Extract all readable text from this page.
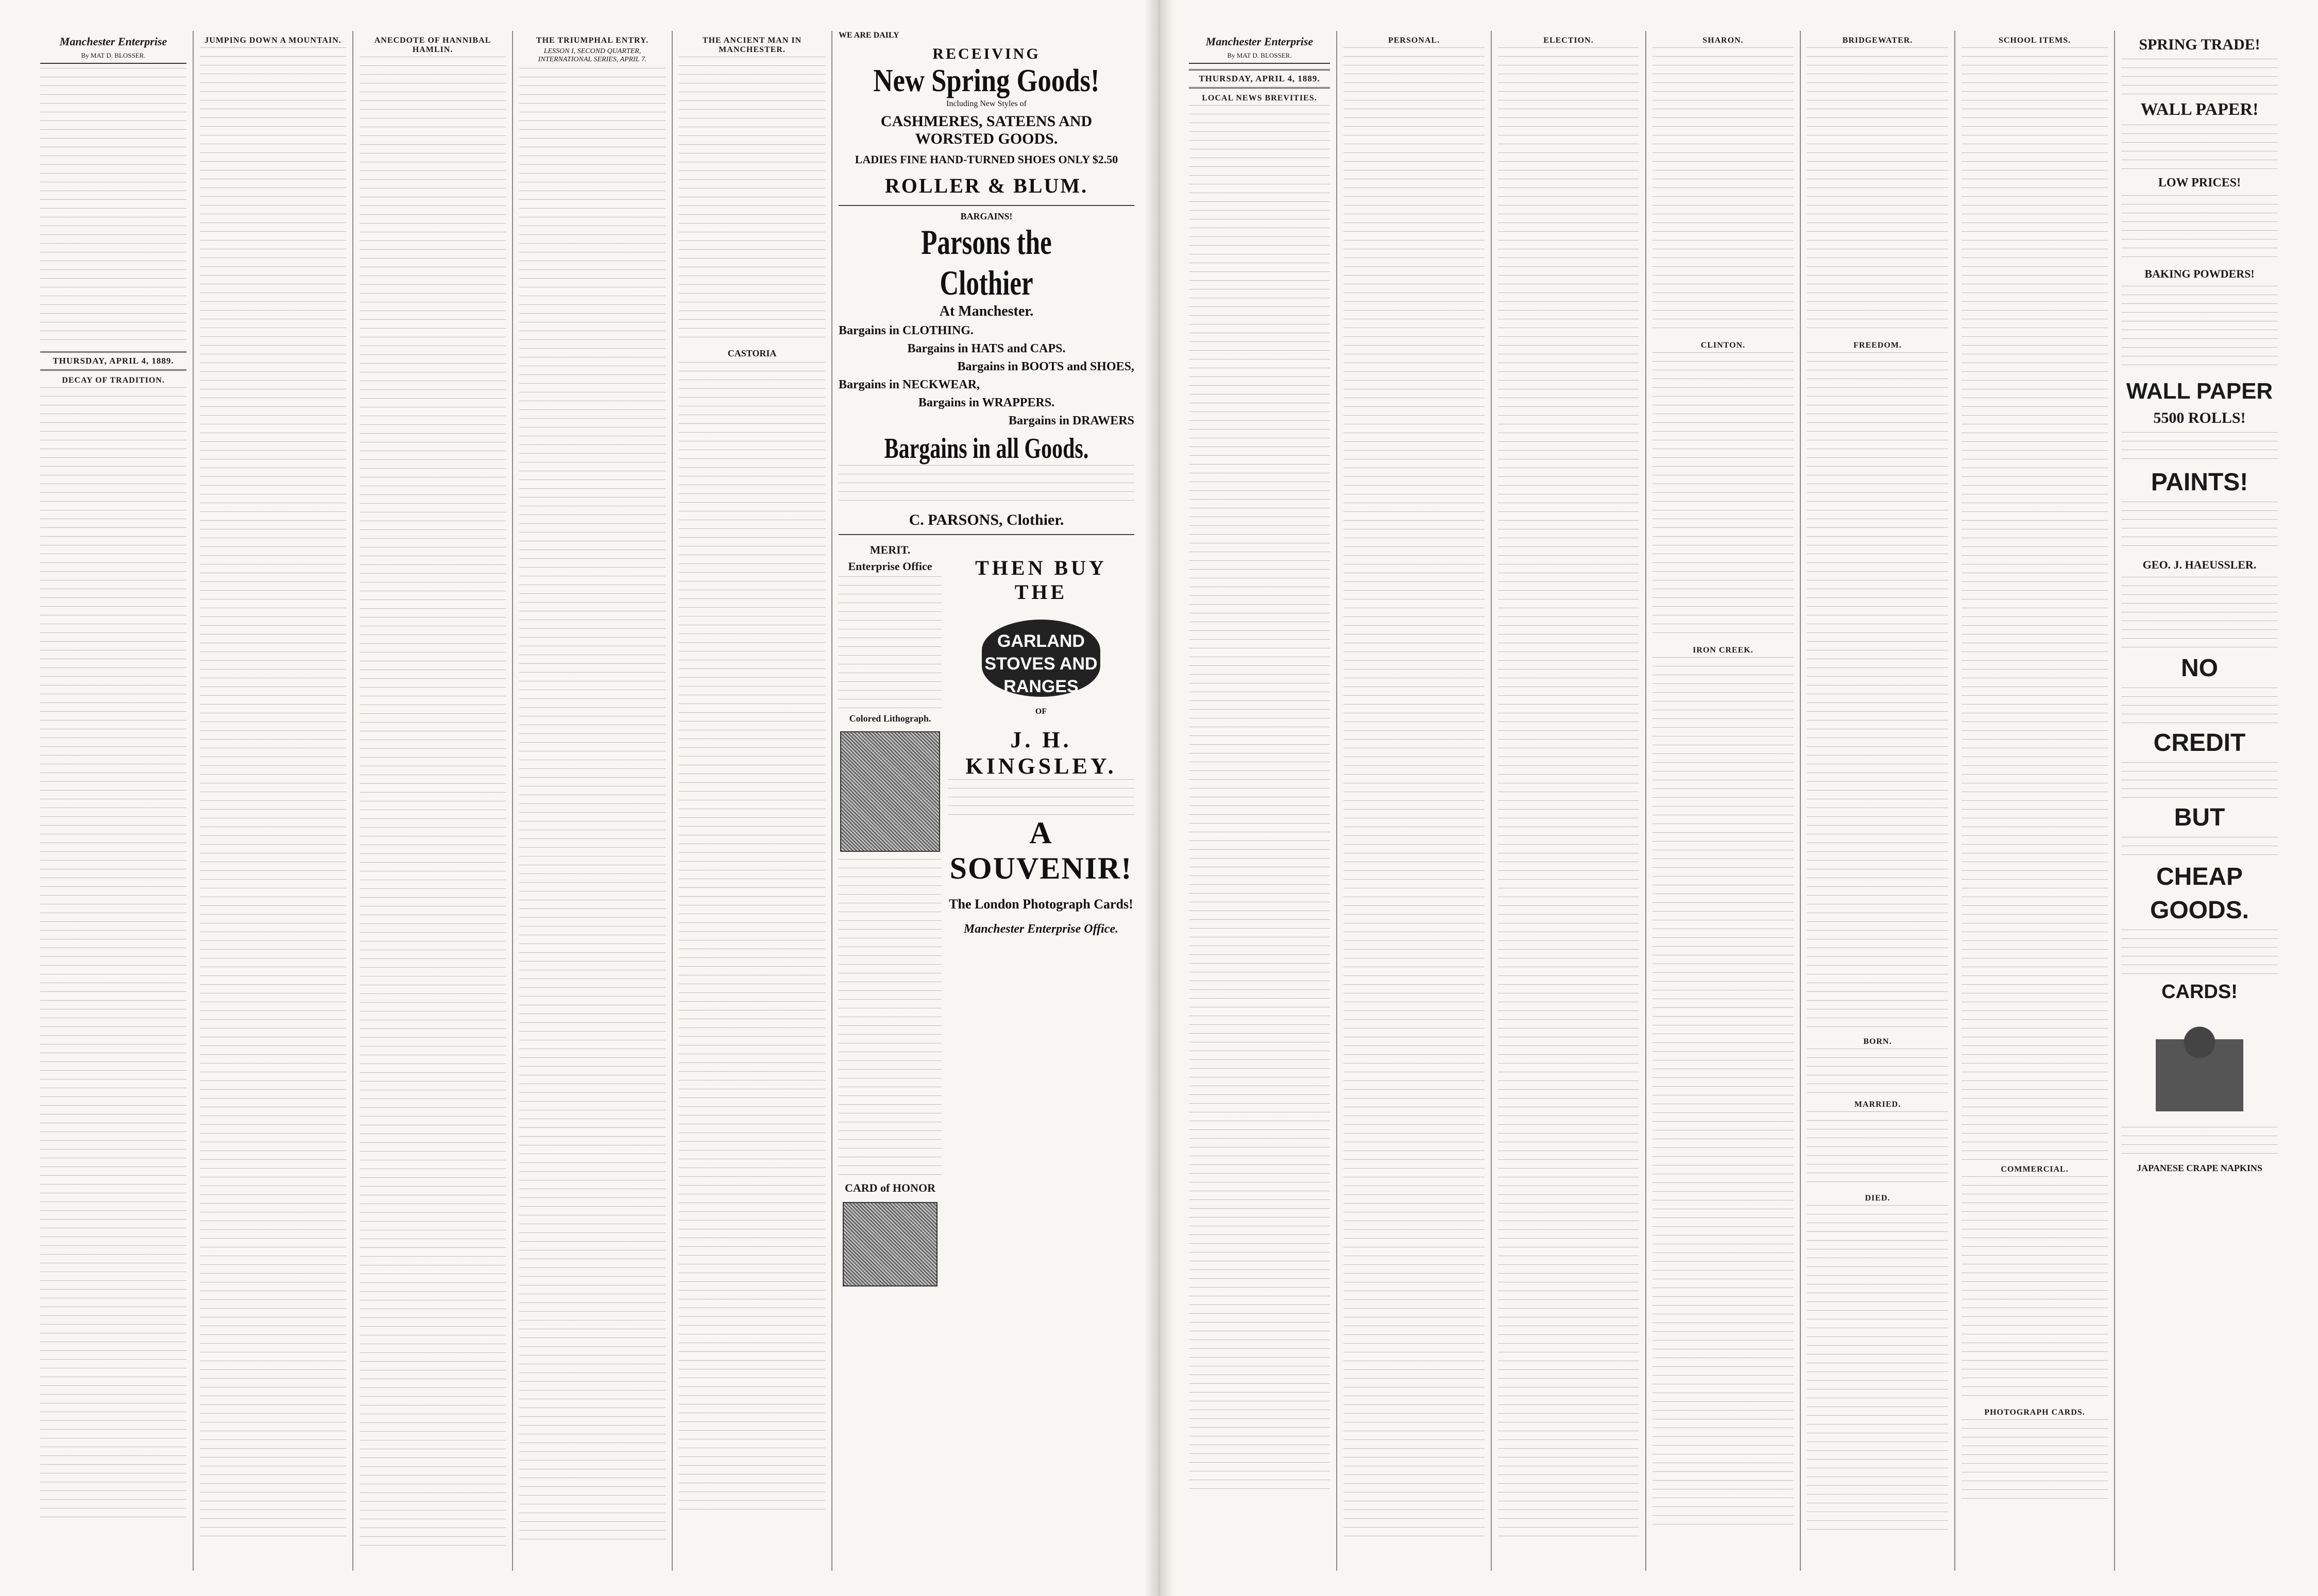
Manchester Enterprise
By MAT D. BLOSSER.
THURSDAY, APRIL 4, 1889.
DECAY OF TRADITION.
JUMPING DOWN A MOUNTAIN.	ANECDOTE OF HANNIBAL HAMLIN.
THE TRIUMPHAL ENTRY.
LESSON I, SECOND QUARTER, INTERNATIONAL SERIES, APRIL 7.
THE ANCIENT MAN IN MANCHESTER.
CASTORIA
WE ARE DAILY
RECEIVING
New Spring Goods!
Including New Styles of
CASHMERES, SATEENS AND WORSTED GOODS.
LADIES FINE HAND-TURNED SHOES ONLY $2.50
ROLLER & BLUM.
BARGAINS!
Parsons the Clothier
At Manchester.
Bargains in CLOTHING.
Bargains in HATS and CAPS.
Bargains in BOOTS and SHOES,
Bargains in NECKWEAR,
Bargains in WRAPPERS.
Bargains in DRAWERS
Bargains in all Goods.
C. PARSONS, Clothier.
MERIT.
Enterprise Office
Colored Lithograph.
CARD of HONOR
THEN BUY THE
GARLAND STOVES AND RANGES
OF
J. H. KINGSLEY.
A SOUVENIR!
The London Photograph Cards!
Manchester Enterprise Office.
Manchester Enterprise
By MAT D. BLOSSER.
THURSDAY, APRIL 4, 1889.
LOCAL NEWS BREVITIES.
PERSONAL.	ELECTION.	SHARON.
CLINTON.
IRON CREEK.
BRIDGEWATER.
FREEDOM.
BORN.
MARRIED.
DIED.
SCHOOL ITEMS.
COMMERCIAL.
PHOTOGRAPH CARDS.
SPRING TRADE!
WALL PAPER!
LOW PRICES!
BAKING POWDERS!
WALL PAPER
5500 ROLLS!
PAINTS!
GEO. J. HAEUSSLER.
NO
CREDIT
BUT
CHEAP
GOODS.
CARDS!
JAPANESE CRAPE NAPKINS
